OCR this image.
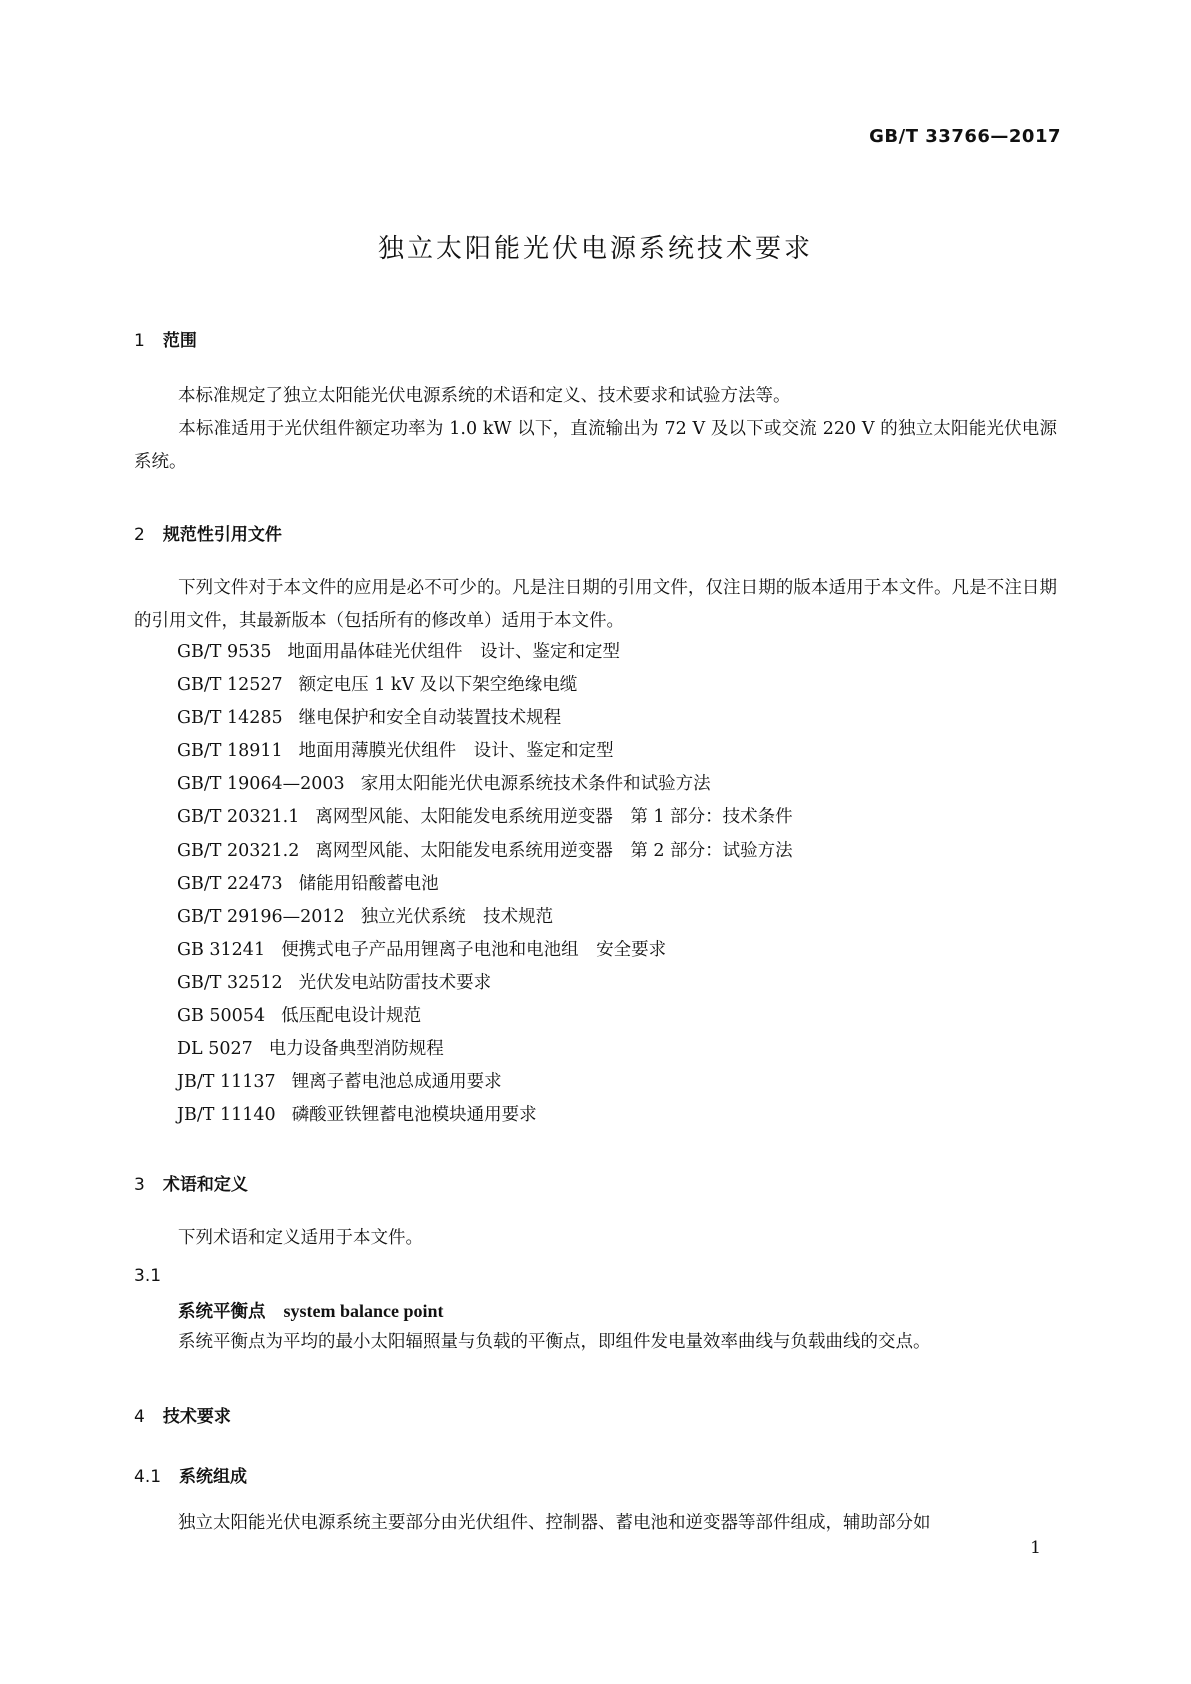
GB/T 33766—2017
独立太阳能光伏电源系统技术要求
1 范围
本标准规定了独立太阳能光伏电源系统的术语和定义、技术要求和试验方法等。
本标准适用于光伏组件额定功率为 1.0 kW 以下，直流输出为 72 V 及以下或交流 220 V 的独立太阳能光伏电源系统。
2 规范性引用文件
下列文件对于本文件的应用是必不可少的。凡是注日期的引用文件，仅注日期的版本适用于本文件。凡是不注日期的引用文件，其最新版本（包括所有的修改单）适用于本文件。
GB/T 9535 地面用晶体硅光伏组件　设计、鉴定和定型
GB/T 12527 额定电压 1 kV 及以下架空绝缘电缆
GB/T 14285 继电保护和安全自动装置技术规程
GB/T 18911 地面用薄膜光伏组件　设计、鉴定和定型
GB/T 19064—2003 家用太阳能光伏电源系统技术条件和试验方法
GB/T 20321.1 离网型风能、太阳能发电系统用逆变器　第 1 部分：技术条件
GB/T 20321.2 离网型风能、太阳能发电系统用逆变器　第 2 部分：试验方法
GB/T 22473 储能用铅酸蓄电池
GB/T 29196—2012 独立光伏系统　技术规范
GB 31241 便携式电子产品用锂离子电池和电池组　安全要求
GB/T 32512 光伏发电站防雷技术要求
GB 50054 低压配电设计规范
DL 5027 电力设备典型消防规程
JB/T 11137 锂离子蓄电池总成通用要求
JB/T 11140 磷酸亚铁锂蓄电池模块通用要求
3 术语和定义
下列术语和定义适用于本文件。
3.1
系统平衡点 system balance point
系统平衡点为平均的最小太阳辐照量与负载的平衡点，即组件发电量效率曲线与负载曲线的交点。
4 技术要求
4.1 系统组成
独立太阳能光伏电源系统主要部分由光伏组件、控制器、蓄电池和逆变器等部件组成，辅助部分如
1
